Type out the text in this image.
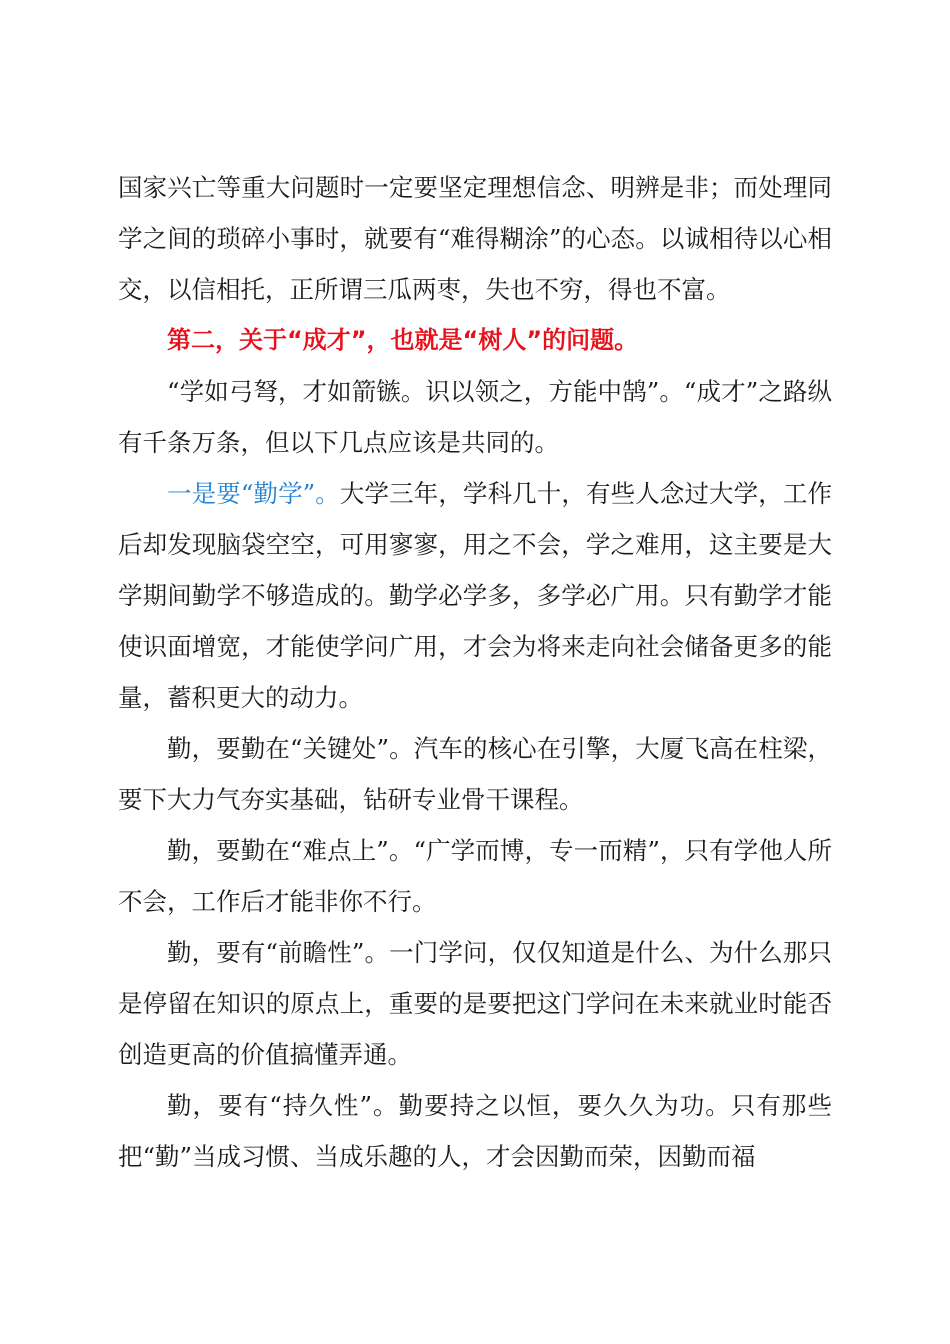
国家兴亡等重大问题时一定要坚定理想信念、明辨是非；而处理同学之间的琐碎小事时，就要有“难得糊涂”的心态。以诚相待以心相交，以信相托，正所谓三瓜两枣，失也不穷，得也不富。

第二，关于“成才”，也就是“树人”的问题。

“学如弓弩，才如箭镞。识以领之，方能中鹄”。“成才”之路纵有千条万条，但以下几点应该是共同的。

一是要“勤学”。大学三年，学科几十，有些人念过大学，工作后却发现脑袋空空，可用寥寥，用之不会，学之难用，这主要是大学期间勤学不够造成的。勤学必学多，多学必广用。只有勤学才能使识面增宽，才能使学问广用，才会为将来走向社会储备更多的能量，蓄积更大的动力。

勤，要勤在“关键处”。汽车的核心在引擎，大厦飞高在柱梁，要下大力气夯实基础，钻研专业骨干课程。

勤，要勤在“难点上”。“广学而博，专一而精”，只有学他人所不会，工作后才能非你不行。

勤，要有“前瞻性”。一门学问，仅仅知道是什么、为什么那只是停留在知识的原点上，重要的是要把这门学问在未来就业时能否创造更高的价值搞懂弄通。

勤，要有“持久性”。勤要持之以恒，要久久为功。只有那些把“勤”当成习惯、当成乐趣的人，才会因勤而荣，因勤而福
